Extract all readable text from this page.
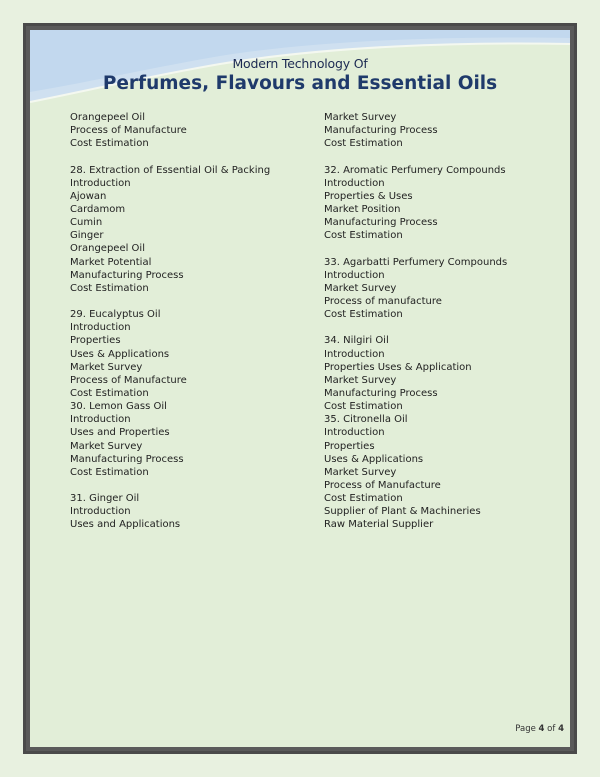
Modern Technology Of
Perfumes, Flavours and Essential Oils
Orangepeel Oil
Process of Manufacture
Cost Estimation
28. Extraction of Essential Oil & Packing
Introduction
Ajowan
Cardamom
Cumin
Ginger
Orangepeel Oil
Market Potential
Manufacturing Process
Cost Estimation
29. Eucalyptus Oil
Introduction
Properties
Uses & Applications
Market Survey
Process of Manufacture
Cost Estimation
30. Lemon Gass Oil
Introduction
Uses and Properties
Market Survey
Manufacturing Process
Cost Estimation
31. Ginger Oil
Introduction
Uses and Applications
Market Survey
Manufacturing Process
Cost Estimation
32. Aromatic Perfumery Compounds
Introduction
Properties & Uses
Market Position
Manufacturing Process
Cost Estimation
33. Agarbatti Perfumery Compounds
Introduction
Market Survey
Process of manufacture
Cost Estimation
34. Nilgiri Oil
Introduction
Properties Uses & Application
Market Survey
Manufacturing Process
Cost Estimation
35. Citronella Oil
Introduction
Properties
Uses & Applications
Market Survey
Process of Manufacture
Cost Estimation
Supplier of Plant & Machineries
Raw Material Supplier
Page 4 of 4
